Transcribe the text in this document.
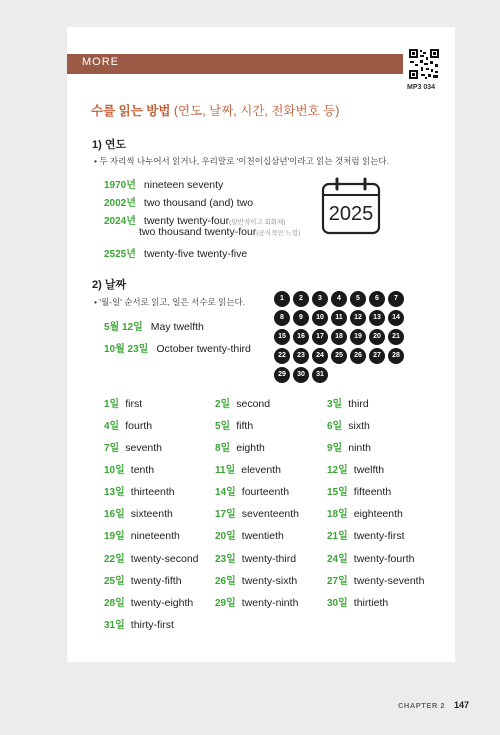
MORE
MP3 034
수를 읽는 방법 (연도, 날짜, 시간, 전화번호 등)
1) 연도
• 두 자리씩 나누어서 읽거나, 우리말로 '이천이십삼년'이라고 읽는 것처럼 읽는다.
1970년 nineteen seventy
2002년 two thousand (and) two
2024년 twenty twenty-four(일반적이고 회화체)
two thousand twenty-four(공식적인 느낌)
2525년 twenty-five twenty-five
2025
2) 날짜
• '월-일' 순서로 읽고, 일은 서수로 읽는다.
5월 12일 May twelfth
10월 23일 October twenty-third
1	2	3	4	5	6	7
8	9	10	11	12	13	14
15	16	17	18	19	20	21
22	23	24	25	26	27	28
29	30	31
1일 first	2일 second	3일 third
4일 fourth	5일 fifth	6일 sixth
7일 seventh	8일 eighth	9일 ninth
10일 tenth	11일 eleventh	12일 twelfth
13일 thirteenth	14일 fourteenth	15일 fifteenth
16일 sixteenth	17일 seventeenth	18일 eighteenth
19일 nineteenth	20일 twentieth	21일 twenty-first
22일 twenty-second 23일 twenty-third	24일 twenty-fourth
25일 twenty-fifth	26일 twenty-sixth	27일 twenty-seventh
28일 twenty-eighth 29일 twenty-ninth	30일 thirtieth
31일 thirty-first
CHAPTER 2 147
